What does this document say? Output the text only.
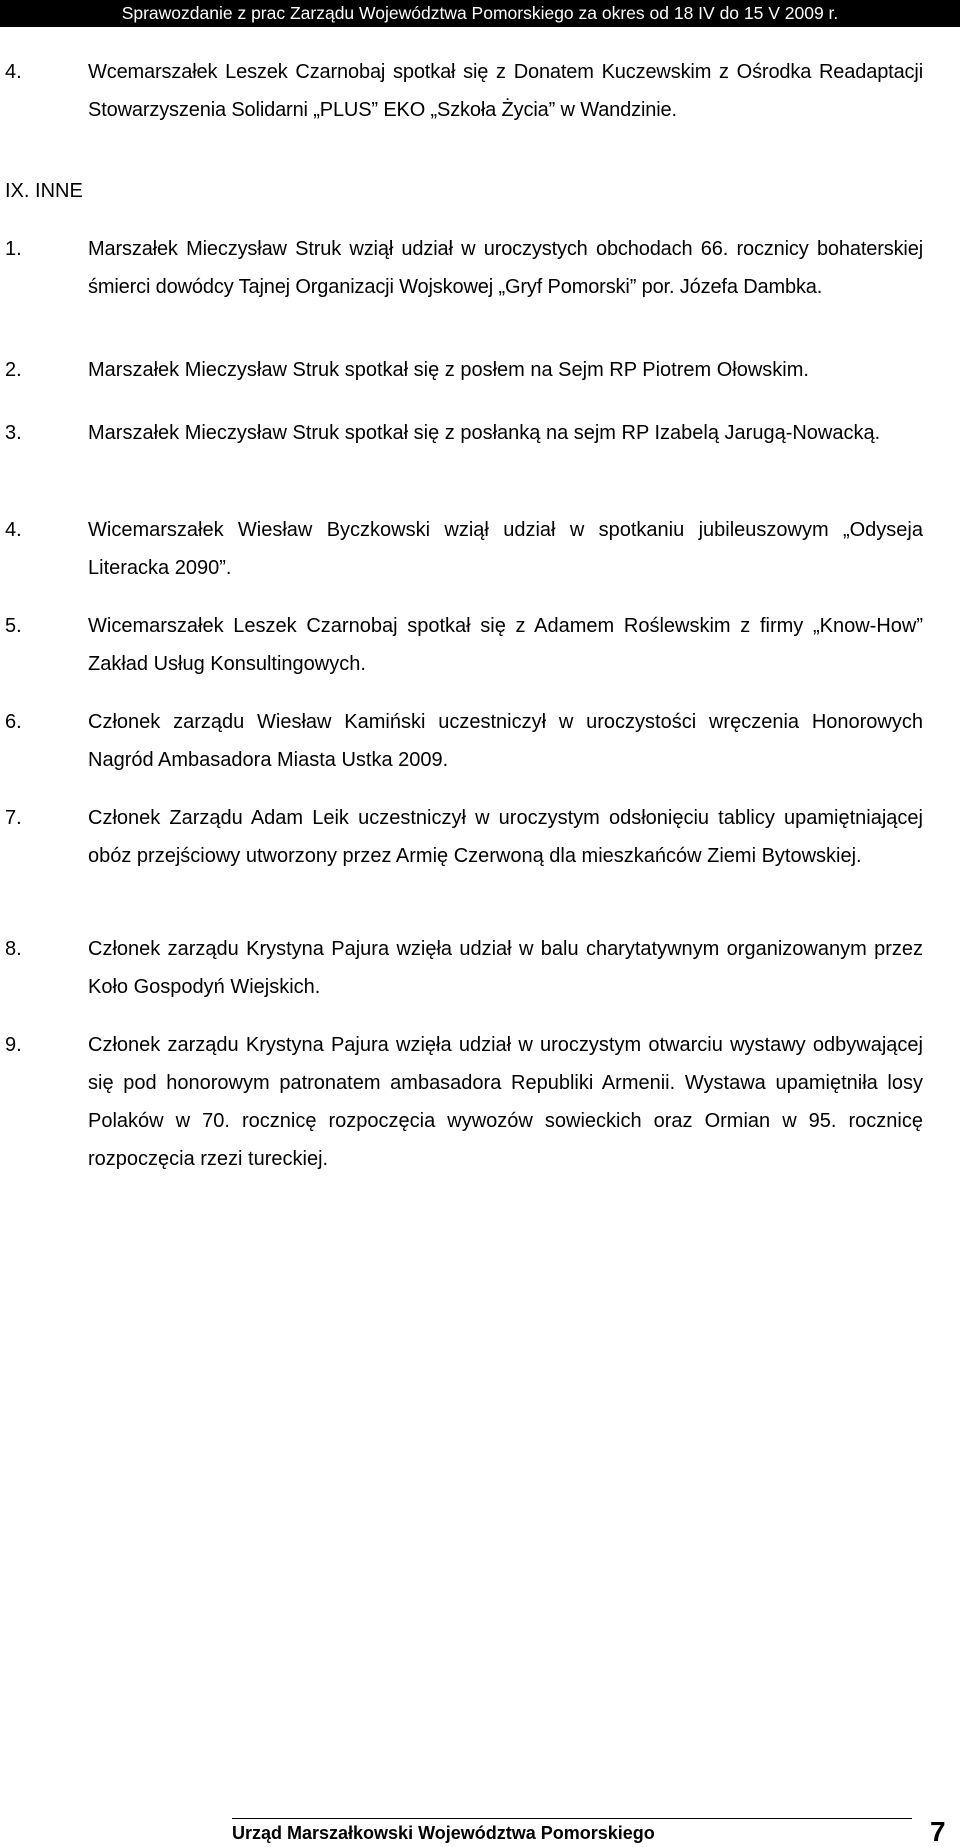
Sprawozdanie z prac Zarządu Województwa Pomorskiego za okres od 18 IV do 15 V 2009 r.
4.	Wcemarszałek Leszek Czarnobaj spotkał się z Donatem Kuczewskim z Ośrodka Readaptacji Stowarzyszenia Solidarni „PLUS” EKO „Szkoła Życia” w Wandzinie.
IX. INNE
1.	Marszałek Mieczysław Struk wziął udział w uroczystych obchodach 66. rocznicy bohaterskiej śmierci dowódcy Tajnej Organizacji Wojskowej „Gryf Pomorski” por. Józefa Dambka.
2.	Marszałek Mieczysław Struk spotkał się z posłem na Sejm RP Piotrem Ołowskim.
3.	Marszałek Mieczysław Struk spotkał się z posłanką na sejm RP Izabelą Jarugą-Nowacką.
4.	Wicemarszałek Wiesław Byczkowski wziął udział w spotkaniu jubileuszowym „Odyseja Literacka 2090”.
5.	Wicemarszałek Leszek Czarnobaj spotkał się z Adamem Roślewskim z firmy „Know-How” Zakład Usług Konsultingowych.
6.	Członek zarządu Wiesław Kamiński uczestniczył w uroczystości wręczenia Honorowych Nagród Ambasadora Miasta Ustka 2009.
7.	Członek Zarządu Adam Leik uczestniczył w uroczystym odsłonięciu tablicy upamiętniającej obóz przejściowy utworzony przez Armię Czerwoną dla mieszkańców Ziemi Bytowskiej.
8.	Członek zarządu Krystyna Pajura wzięła udział w balu charytatywnym organizowanym przez Koło Gospodyń Wiejskich.
9.	Członek zarządu Krystyna Pajura wzięła udział w uroczystym otwarciu wystawy odbywającej się pod honorowym patronatem ambasadora Republiki Armenii. Wystawa upamiętniła losy Polaków w 70. rocznicę rozpoczęcia wywozów sowieckich oraz Ormian w 95. rocznicę rozpoczęcia rzezi tureckiej.
Urząd Marszałkowski Województwa Pomorskiego	7
